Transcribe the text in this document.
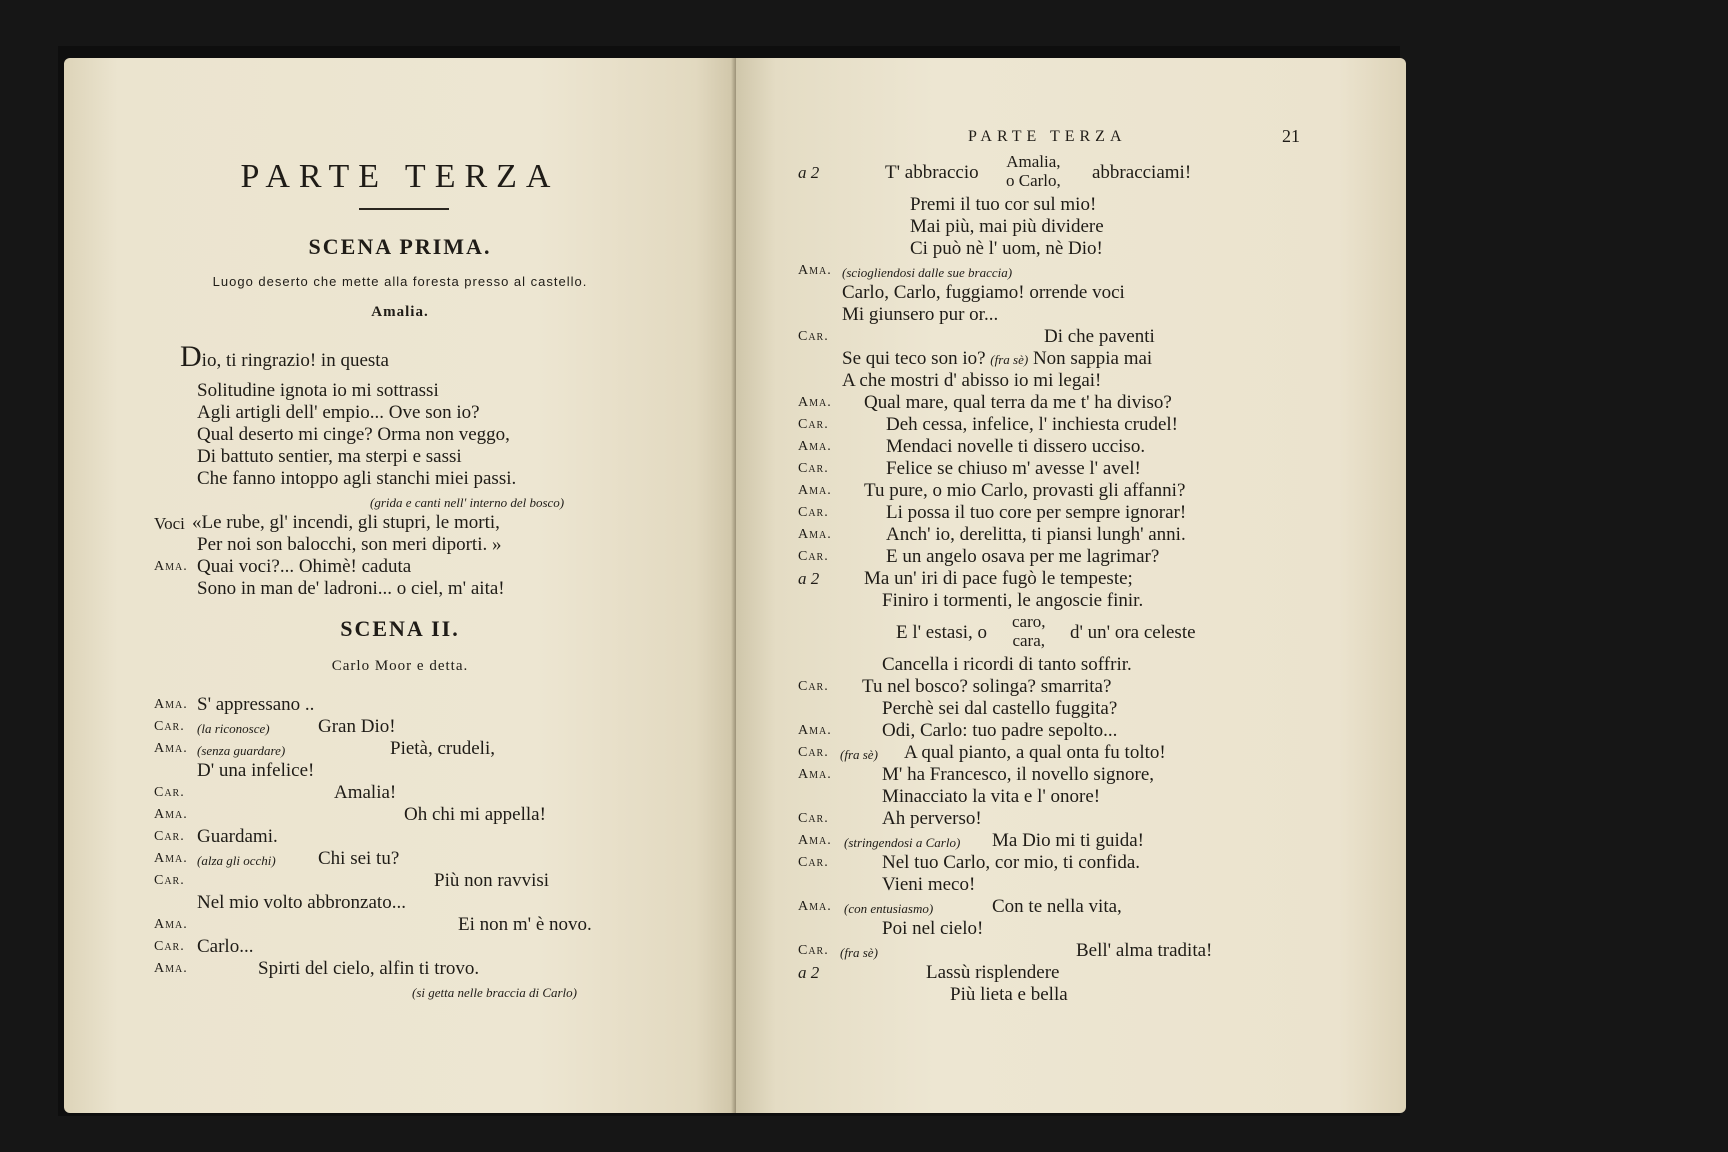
PARTE TERZA
SCENA PRIMA.
Luogo deserto che mette alla foresta presso al castello.
Amalia.
Dio, ti ringrazio! in questa
Solitudine ignota io mi sottrassi
Agli artigli dell' empio... Ove son io?
Qual deserto mi cinge? Orma non veggo,
Di battuto sentier, ma sterpi e sassi
Che fanno intoppo agli stanchi miei passi.
(grida e canti nell' interno del bosco)
Voci «Le rube, gl' incendi, gli stupri, le morti,
Per noi son balocchi, son meri diporti. »
Ama. Quai voci?... Ohimè! caduta
Sono in man de' ladroni... o ciel, m' aita!
SCENA II.
Carlo Moor e detta.
Ama. S' appressano ..
Car. (la riconosce)	Gran Dio!
Ama. (senza guardare)	Pietà, crudeli,
D' una infelice!
Car.	Amalia!
Ama.	Oh chi mi appella!
Car. Guardami.
Ama. (alza gli occhi) Chi sei tu?
Car.	Più non ravvisi
Nel mio volto abbronzato...
Ama.	Ei non m' è novo.
Car. Carlo...
Ama.	Spirti del cielo, alfin ti trovo.
(si getta nelle braccia di Carlo)
PARTE TERZA	21
a 2	T' abbraccio
Amalia,
o Carlo, abbracciami!
Premi il tuo cor sul mio!
Mai più, mai più dividere
Ci può nè l' uom, nè Dio!
Ama. (sciogliendosi dalle sue braccia)
Carlo, Carlo, fuggiamo! orrende voci
Mi giunsero pur or...
Car.	Di che paventi
Se qui teco son io? (fra sè) Non sappia mai
A che mostri d' abisso io mi legai!
Ama. Qual mare, qual terra da me t' ha diviso?
Car.	Deh cessa, infelice, l' inchiesta crudel!
Ama.	Mendaci novelle ti dissero ucciso.
Car.	Felice se chiuso m' avesse l' avel!
Ama. Tu pure, o mio Carlo, provasti gli affanni?
Car.	Li possa il tuo core per sempre ignorar!
Ama.	Anch' io, derelitta, ti piansi lungh' anni.
Car.	E un angelo osava per me lagrimar?
a 2 Ma un' iri di pace fugò le tempeste;
Finiro i tormenti, le angoscie finir.
E l' estasi, o
caro,
cara, d' un' ora celeste
Cancella i ricordi di tanto soffrir.
Car. Tu nel bosco? solinga? smarrita?
Perchè sei dal castello fuggita?
Ama.	Odi, Carlo: tuo padre sepolto...
Car. (fra sè) A qual pianto, a qual onta fu tolto!
Ama.	M' ha Francesco, il novello signore,
Minacciato la vita e l' onore!
Car.	Ah perverso!
Ama. (stringendosi a Carlo) Ma Dio mi ti guida!
Car.	Nel tuo Carlo, cor mio, ti confida.
Vieni meco!
Ama. (con entusiasmo)	Con te nella vita,
Poi nel cielo!
Car. (fra sè)	Bell' alma tradita!
a 2	Lassù risplendere
Più lieta e bella
